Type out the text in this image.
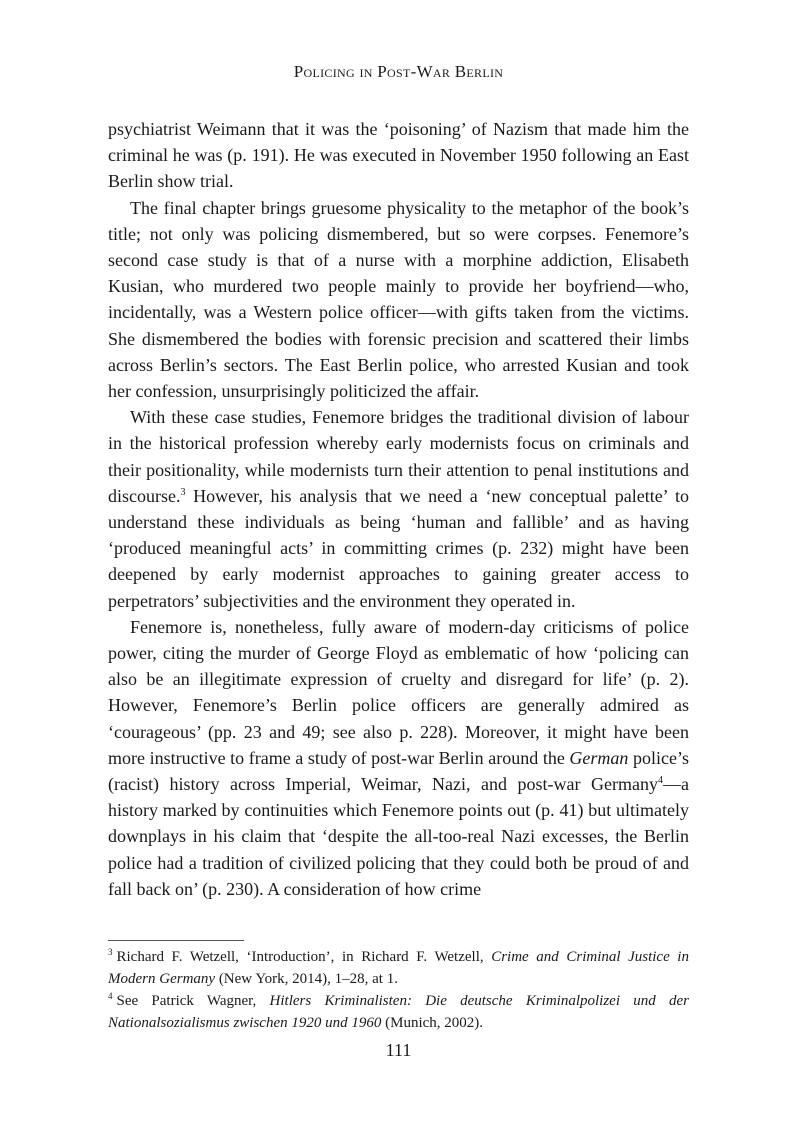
Policing in Post-War Berlin

psychiatrist Weimann that it was the ‘poisoning’ of Nazism that made him the criminal he was (p. 191). He was executed in November 1950 following an East Berlin show trial.

The final chapter brings gruesome physicality to the metaphor of the book’s title; not only was policing dismembered, but so were corpses. Fenemore’s second case study is that of a nurse with a morphine addiction, Elisabeth Kusian, who murdered two people mainly to provide her boyfriend—who, incidentally, was a Western police officer—with gifts taken from the victims. She dismembered the bodies with forensic precision and scattered their limbs across Berlin’s sectors. The East Berlin police, who arrested Kusian and took her confession, unsurprisingly politicized the affair.

With these case studies, Fenemore bridges the traditional division of labour in the historical profession whereby early modernists focus on criminals and their positionality, while modernists turn their attention to penal institutions and discourse.$^3$ However, his analysis that we need a ‘new conceptual palette’ to understand these individuals as being ‘human and fallible’ and as having ‘produced meaningful acts’ in committing crimes (p. 232) might have been deepened by early modernist approaches to gaining greater access to perpetrators’ subjectivities and the environment they operated in.

Fenemore is, nonetheless, fully aware of modern-day criticisms of police power, citing the murder of George Floyd as emblematic of how ‘policing can also be an illegitimate expression of cruelty and disregard for life’ (p. 2). However, Fenemore’s Berlin police officers are generally admired as ‘courageous’ (pp. 23 and 49; see also p. 228). Moreover, it might have been more instructive to frame a study of post-war Berlin around the German police’s (racist) history across Imperial, Weimar, Nazi, and post-war Germany$^4$—a history marked by continuities which Fenemore points out (p. 41) but ultimately downplays in his claim that ‘despite the all-too-real Nazi excesses, the Berlin police had a tradition of civilized policing that they could both be proud of and fall back on’ (p. 230). A consideration of how crime

$^3$ Richard F. Wetzell, ‘Introduction’, in Richard F. Wetzell, Crime and Criminal Justice in Modern Germany (New York, 2014), 1–28, at 1.

$^4$ See Patrick Wagner, Hitlers Kriminalisten: Die deutsche Kriminalpolizei und der Nationalsozialismus zwischen 1920 und 1960 (Munich, 2002).

111
